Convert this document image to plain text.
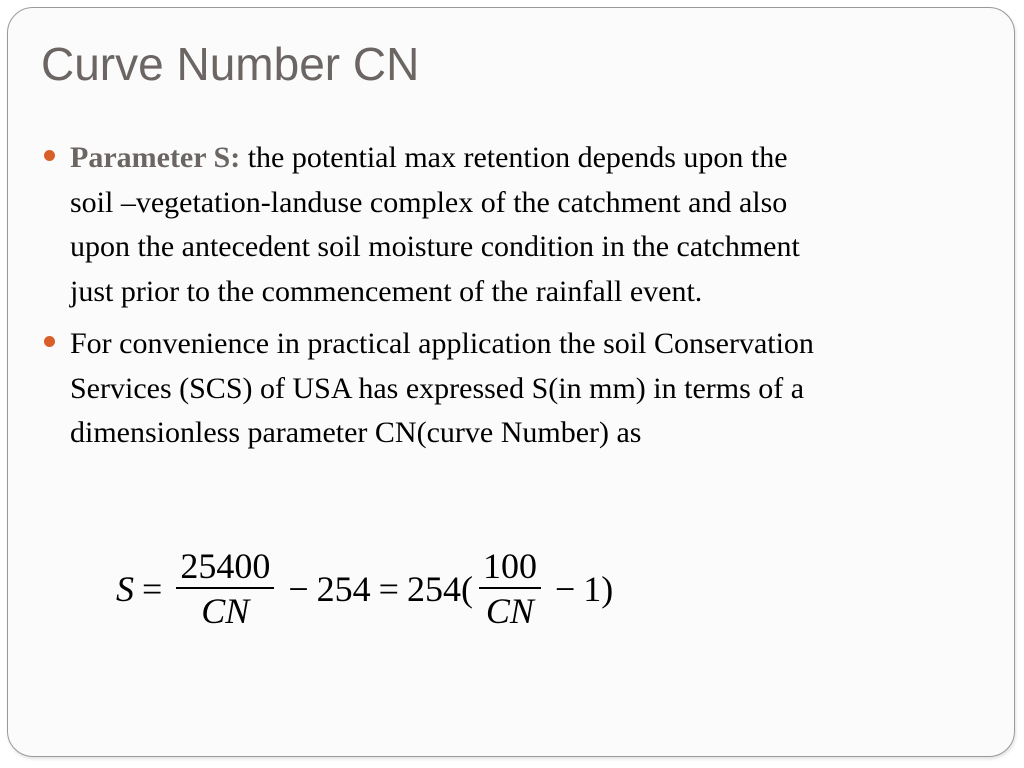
Curve Number CN
Parameter S: the potential max retention depends upon the soil –vegetation-landuse complex of the catchment and also upon the antecedent soil moisture condition in the catchment just prior to the commencement of the rainfall event.
For convenience in practical application the soil Conservation Services (SCS) of USA has expressed S(in mm) in terms of a dimensionless parameter CN(curve Number) as
$S = \frac{25400}{CN} - 254 = 254( \frac{100}{CN} - 1)$
